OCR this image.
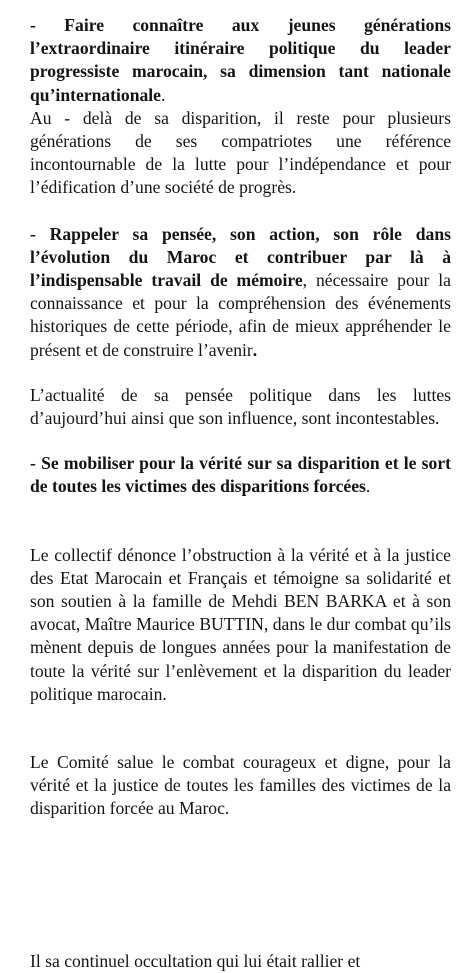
- Faire connaître aux jeunes générations l’extraordinaire itinéraire politique du leader progressiste marocain, sa dimension tant nationale qu’internationale.

Au - delà de sa disparition, il reste pour plusieurs générations de ses compatriotes une référence incontournable de la lutte pour l’indépendance et pour l’édification d’une société de progrès.

- Rappeler sa pensée, son action, son rôle dans l’évolution du Maroc et contribuer par là à l’indispensable travail de mémoire, nécessaire pour la connaissance et pour la compréhension des événements historiques de cette période, afin de mieux appréhender le présent et de construire l’avenir.

L’actualité de sa pensée politique dans les luttes d’aujourd’hui ainsi que son influence, sont incontestables.

- Se mobiliser pour la vérité sur sa disparition et le sort de toutes les victimes des disparitions forcées.

Le collectif dénonce l’obstruction à la vérité et à la justice des Etat Marocain et Français et témoigne sa solidarité et son soutien à la famille de Mehdi BEN BARKA et à son avocat, Maître Maurice BUTTIN, dans le dur combat qu’ils mènent depuis de longues années pour la manifestation de toute la vérité sur l’enlèvement et la disparition du leader politique marocain.

Le Comité salue le combat courageux et digne, pour la vérité et la justice de toutes les familles des victimes de la disparition forcée au Maroc.

Il sa continuel occultation qui lui était rallier et
